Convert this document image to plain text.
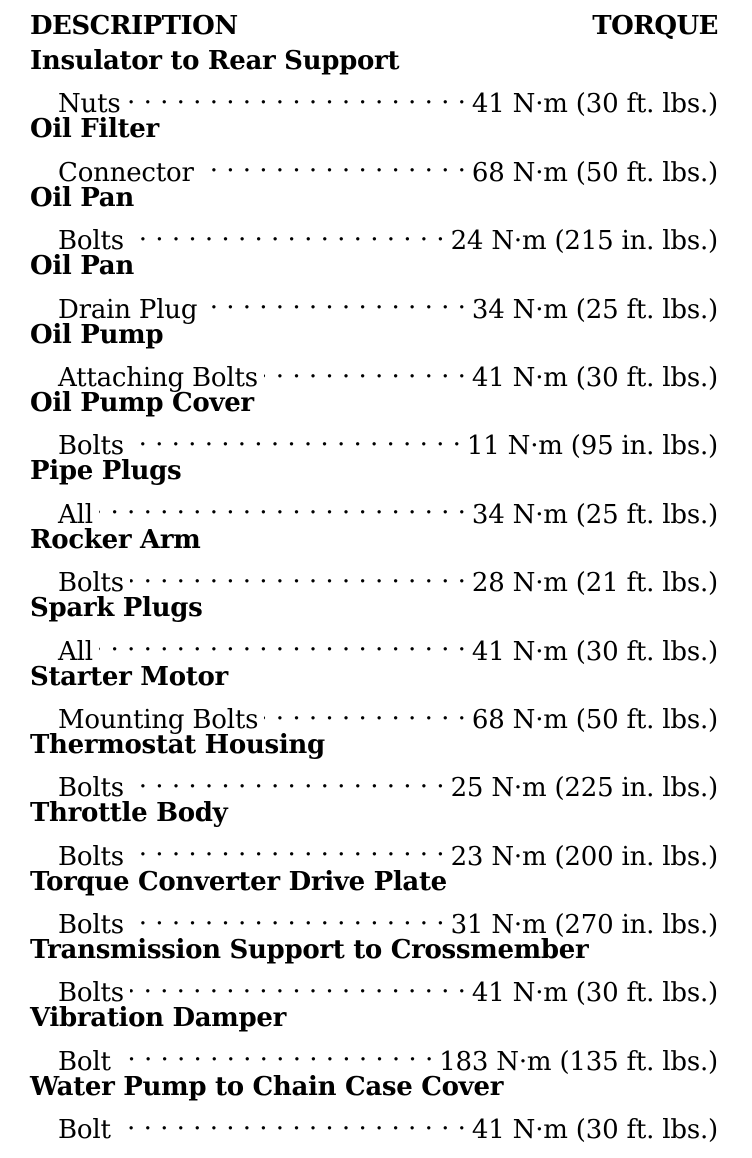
DESCRIPTION	TORQUE
Insulator to Rear Support
Nuts . . .	41 N·m (30 ft. lbs.)
Oil Filter
Connector . . .	68 N·m (50 ft. lbs.)
Oil Pan
Bolts . . .	24 N·m (215 in. lbs.)
Oil Pan
Drain Plug . . .	34 N·m (25 ft. lbs.)
Oil Pump
Attaching Bolts . . .	41 N·m (30 ft. lbs.)
Oil Pump Cover
Bolts . . .	11 N·m (95 in. lbs.)
Pipe Plugs
All . . .	34 N·m (25 ft. lbs.)
Rocker Arm
Bolts . . .	28 N·m (21 ft. lbs.)
Spark Plugs
All . . .	41 N·m (30 ft. lbs.)
Starter Motor
Mounting Bolts . . .	68 N·m (50 ft. lbs.)
Thermostat Housing
Bolts . . .	25 N·m (225 in. lbs.)
Throttle Body
Bolts . . .	23 N·m (200 in. lbs.)
Torque Converter Drive Plate
Bolts . . .	31 N·m (270 in. lbs.)
Transmission Support to Crossmember
Bolts . . .	41 N·m (30 ft. lbs.)
Vibration Damper
Bolt . . .	183 N·m (135 ft. lbs.)
Water Pump to Chain Case Cover
Bolt . . .	41 N·m (30 ft. lbs.)
